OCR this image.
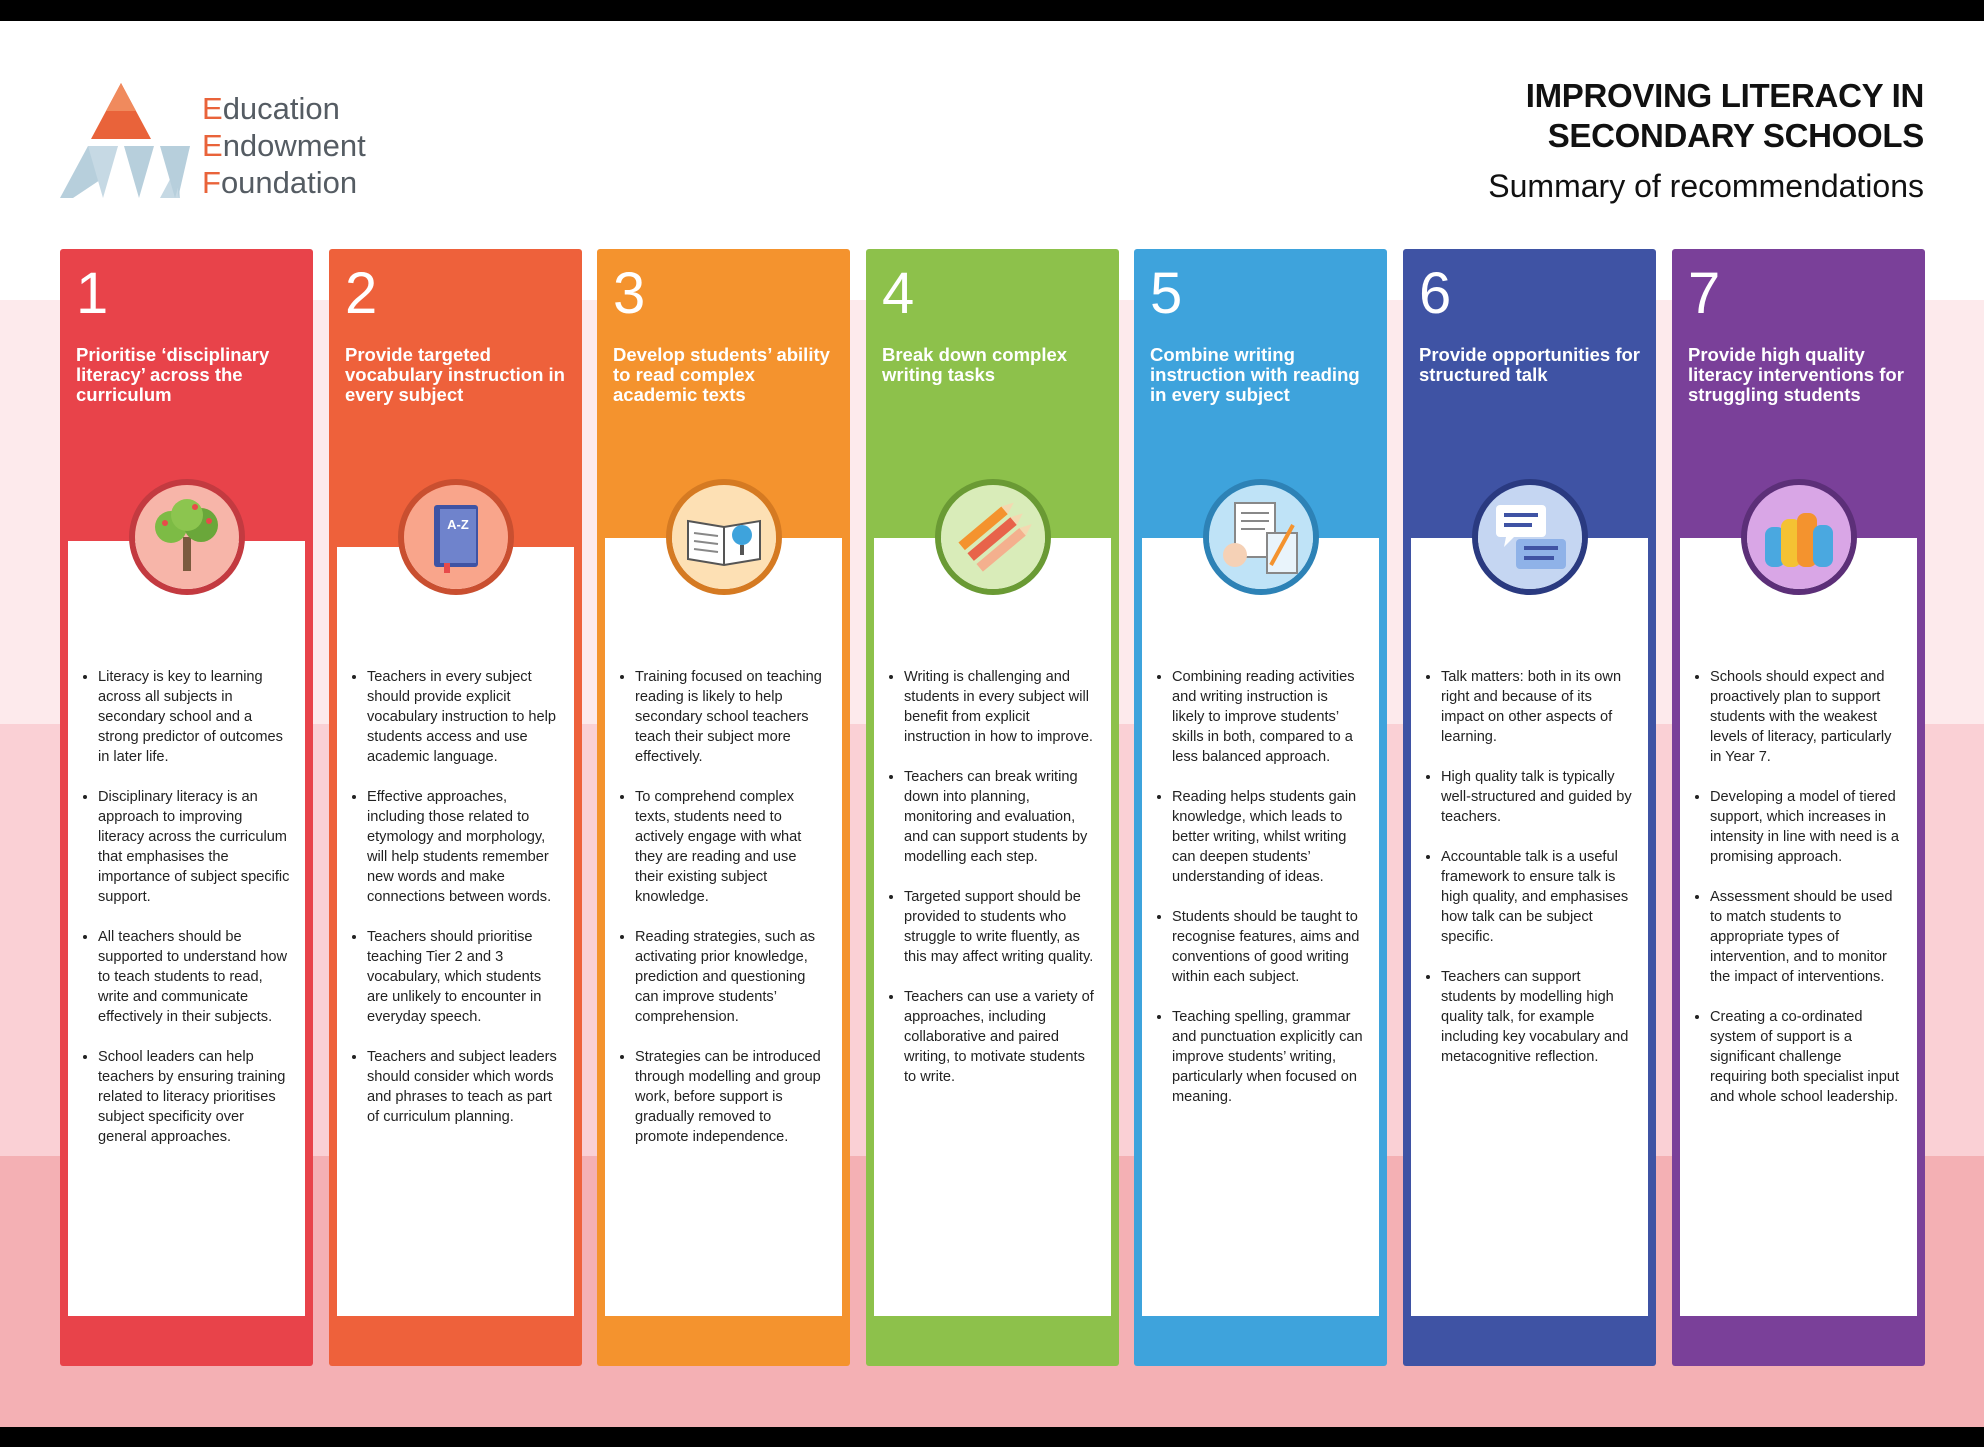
Education
Endowment
Foundation
IMPROVING LITERACY IN
SECONDARY SCHOOLS
Summary of recommendations
1
Prioritise ‘disciplinary literacy’ across the curriculum
• Literacy is key to learning across all subjects in secondary school and a strong predictor of outcomes in later life.
• Disciplinary literacy is an approach to improving literacy across the curriculum that emphasises the importance of subject specific support.
• All teachers should be supported to understand how to teach students to read, write and communicate effectively in their subjects.
• School leaders can help teachers by ensuring training related to literacy prioritises subject specificity over general approaches.
2
Provide targeted vocabulary instruction in every subject
A-Z
• Teachers in every subject should provide explicit vocabulary instruction to help students access and use academic language.
• Effective approaches, including those related to etymology and morphology, will help students remember new words and make connections between words.
• Teachers should prioritise teaching Tier 2 and 3 vocabulary, which students are unlikely to encounter in everyday speech.
• Teachers and subject leaders should consider which words and phrases to teach as part of curriculum planning.
3
Develop students’ ability to read complex academic texts
• Training focused on teaching reading is likely to help secondary school teachers teach their subject more effectively.
• To comprehend complex texts, students need to actively engage with what they are reading and use their existing subject knowledge.
• Reading strategies, such as activating prior knowledge, prediction and questioning can improve students’ comprehension.
• Strategies can be introduced through modelling and group work, before support is gradually removed to promote independence.
4
Break down complex writing tasks
• Writing is challenging and students in every subject will benefit from explicit instruction in how to improve.
• Teachers can break writing down into planning, monitoring and evaluation, and can support students by modelling each step.
• Targeted support should be provided to students who struggle to write fluently, as this may affect writing quality.
• Teachers can use a variety of approaches, including collaborative and paired writing, to motivate students to write.
5
Combine writing instruction with reading in every subject
• Combining reading activities and writing instruction is likely to improve students’ skills in both, compared to a less balanced approach.
• Reading helps students gain knowledge, which leads to better writing, whilst writing can deepen students’ understanding of ideas.
• Students should be taught to recognise features, aims and conventions of good writing within each subject.
• Teaching spelling, grammar and punctuation explicitly can improve students’ writing, particularly when focused on meaning.
6
Provide opportunities for structured talk
• Talk matters: both in its own right and because of its impact on other aspects of learning.
• High quality talk is typically well-structured and guided by teachers.
• Accountable talk is a useful framework to ensure talk is high quality, and emphasises how talk can be subject specific.
• Teachers can support students by modelling high quality talk, for example including key vocabulary and metacognitive reflection.
7
Provide high quality literacy interventions for struggling students
• Schools should expect and proactively plan to support students with the weakest levels of literacy, particularly in Year 7.
• Developing a model of tiered support, which increases in intensity in line with need is a promising approach.
• Assessment should be used to match students to appropriate types of intervention, and to monitor the impact of interventions.
• Creating a co-ordinated system of support is a significant challenge requiring both specialist input and whole school leadership.
